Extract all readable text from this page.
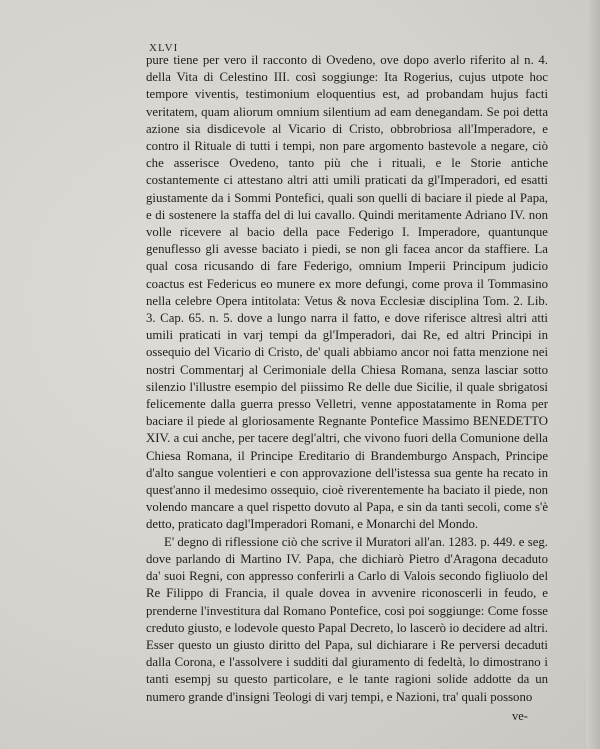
XLVI

pure tiene per vero il racconto di Ovedeno, ove dopo averlo riferito al n. 4. della Vita di Celestino III. così soggiunge: Ita Rogerius, cujus utpote hoc tempore viventis, testimonium eloquentius est, ad probandam hujus facti veritatem, quam aliorum omnium silentium ad eam denegandam. Se poi detta azione sia disdicevole al Vicario di Cristo, obbrobriosa all'Imperadore, e contro il Rituale di tutti i tempi, non pare argomento bastevole a negare, ciò che asserisce Ovedeno, tanto più che i rituali, e le Storie antiche costantemente ci attestano altri atti umili praticati da gl'Imperadori, ed esatti giustamente da i Sommi Pontefici, quali son quelli di baciare il piede al Papa, e di sostenere la staffa del di lui cavallo. Quindi meritamente Adriano IV. non volle ricevere al bacio della pace Federigo I. Imperadore, quantunque genuflesso gli avesse baciato i piedi, se non gli facea ancor da staffiere. La qual cosa ricusando di fare Federigo, omnium Imperii Principum judicio coactus est Federicus eo munere ex more defungi, come prova il Tommasino nella celebre Opera intitolata: Vetus & nova Ecclesiæ disciplina Tom. 2. Lib. 3. Cap. 65. n. 5. dove a lungo narra il fatto, e dove riferisce altresì altri atti umili praticati in varj tempi da gl'Imperadori, dai Re, ed altri Principi in ossequio del Vicario di Cristo, de' quali abbiamo ancor noi fatta menzione nei nostri Commentarj al Cerimoniale della Chiesa Romana, senza lasciar sotto silenzio l'illustre esempio del piissimo Re delle due Sicilie, il quale sbrigatosi felicemente dalla guerra presso Velletri, venne appostatamente in Roma per baciare il piede al gloriosamente Regnante Pontefice Massimo BENEDETTO XIV. a cui anche, per tacere degl'altri, che vivono fuori della Comunione della Chiesa Romana, il Principe Ereditario di Brandemburgo Anspach, Principe d'alto sangue volentieri e con approvazione dell'istessa sua gente ha recato in quest'anno il medesimo ossequio, cioè riverentemente ha baciato il piede, non volendo mancare a quel rispetto dovuto al Papa, e sin da tanti secoli, come s'è detto, praticato dagl'Imperadori Romani, e Monarchi del Mondo.

E' degno di riflessione ciò che scrive il Muratori all'an. 1283. p. 449. e seg. dove parlando di Martino IV. Papa, che dichiarò Pietro d'Aragona decaduto da' suoi Regni, con appresso conferirli a Carlo di Valois secondo figliuolo del Re Filippo di Francia, il quale dovea in avvenire riconoscerli in feudo, e prenderne l'investitura dal Romano Pontefice, così poi soggiunge: Come fosse creduto giusto, e lodevole questo Papal Decreto, lo lascerò io decidere ad altri. Esser questo un giusto diritto del Papa, sul dichiarare i Re perversi decaduti dalla Corona, e l'assolvere i sudditi dal giuramento di fedeltà, lo dimostrano i tanti esempj su questo particolare, e le tante ragioni solide addotte da un numero grande d'insigni Teologi di varj tempi, e Nazioni, tra' quali possono

ve-
